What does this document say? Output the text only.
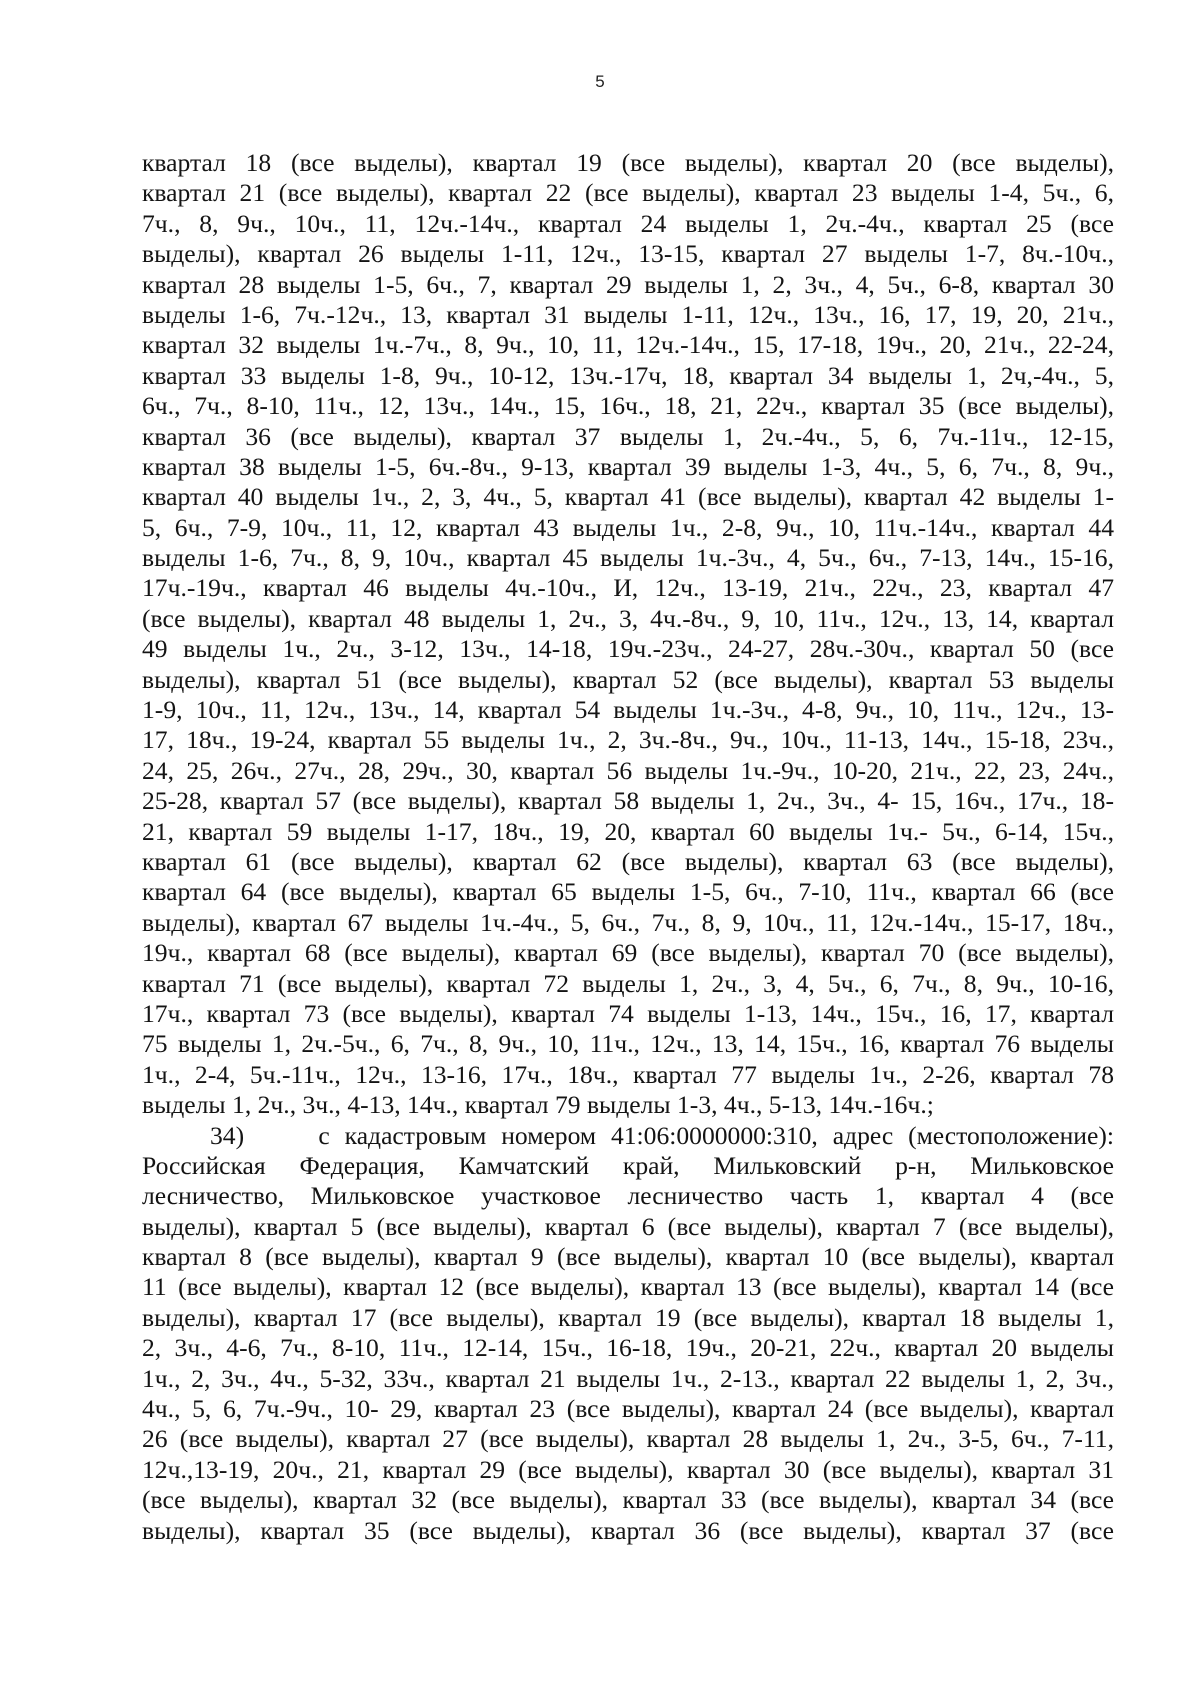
5
квартал 18 (все выделы), квартал 19 (все выделы), квартал 20 (все выделы),
квартал 21 (все выделы), квартал 22 (все выделы), квартал 23 выделы 1-4, 5ч., 6,
7ч., 8, 9ч., 10ч., 11, 12ч.-14ч., квартал 24 выделы 1, 2ч.-4ч., квартал 25 (все
выделы), квартал 26 выделы 1-11, 12ч., 13-15, квартал 27 выделы 1-7, 8ч.-10ч.,
квартал 28 выделы 1-5, 6ч., 7, квартал 29 выделы 1, 2, 3ч., 4, 5ч., 6-8, квартал 30
выделы 1-6, 7ч.-12ч., 13, квартал 31 выделы 1-11, 12ч., 13ч., 16, 17, 19, 20, 21ч.,
квартал 32 выделы 1ч.-7ч., 8, 9ч., 10, 11, 12ч.-14ч., 15, 17-18, 19ч., 20, 21ч., 22-24,
квартал 33 выделы 1-8, 9ч., 10-12, 13ч.-17ч, 18, квартал 34 выделы 1, 2ч,-4ч., 5,
6ч., 7ч., 8-10, 11ч., 12, 13ч., 14ч., 15, 16ч., 18, 21, 22ч., квартал 35 (все выделы),
квартал 36 (все выделы), квартал 37 выделы 1, 2ч.-4ч., 5, 6, 7ч.-11ч., 12-15,
квартал 38 выделы 1-5, 6ч.-8ч., 9-13, квартал 39 выделы 1-3, 4ч., 5, 6, 7ч., 8, 9ч.,
квартал 40 выделы 1ч., 2, 3, 4ч., 5, квартал 41 (все выделы), квартал 42 выделы 1-
5, 6ч., 7-9, 10ч., 11, 12, квартал 43 выделы 1ч., 2-8, 9ч., 10, 11ч.-14ч., квартал 44
выделы 1-6, 7ч., 8, 9, 10ч., квартал 45 выделы 1ч.-3ч., 4, 5ч., 6ч., 7-13, 14ч., 15-16,
17ч.-19ч., квартал 46 выделы 4ч.-10ч., И, 12ч., 13-19, 21ч., 22ч., 23, квартал 47
(все выделы), квартал 48 выделы 1, 2ч., 3, 4ч.-8ч., 9, 10, 11ч., 12ч., 13, 14, квартал
49 выделы 1ч., 2ч., 3-12, 13ч., 14-18, 19ч.-23ч., 24-27, 28ч.-30ч., квартал 50 (все
выделы), квартал 51 (все выделы), квартал 52 (все выделы), квартал 53 выделы
1-9, 10ч., 11, 12ч., 13ч., 14, квартал 54 выделы 1ч.-3ч., 4-8, 9ч., 10, 11ч., 12ч., 13-
17, 18ч., 19-24, квартал 55 выделы 1ч., 2, 3ч.-8ч., 9ч., 10ч., 11-13, 14ч., 15-18, 23ч.,
24, 25, 26ч., 27ч., 28, 29ч., 30, квартал 56 выделы 1ч.-9ч., 10-20, 21ч., 22, 23, 24ч.,
25-28, квартал 57 (все выделы), квартал 58 выделы 1, 2ч., 3ч., 4- 15, 16ч., 17ч., 18-
21, квартал 59 выделы 1-17, 18ч., 19, 20, квартал 60 выделы 1ч.- 5ч., 6-14, 15ч.,
квартал 61 (все выделы), квартал 62 (все выделы), квартал 63 (все выделы),
квартал 64 (все выделы), квартал 65 выделы 1-5, 6ч., 7-10, 11ч., квартал 66 (все
выделы), квартал 67 выделы 1ч.-4ч., 5, 6ч., 7ч., 8, 9, 10ч., 11, 12ч.-14ч., 15-17, 18ч.,
19ч., квартал 68 (все выделы), квартал 69 (все выделы), квартал 70 (все выделы),
квартал 71 (все выделы), квартал 72 выделы 1, 2ч., 3, 4, 5ч., 6, 7ч., 8, 9ч., 10-16,
17ч., квартал 73 (все выделы), квартал 74 выделы 1-13, 14ч., 15ч., 16, 17, квартал
75 выделы 1, 2ч.-5ч., 6, 7ч., 8, 9ч., 10, 11ч., 12ч., 13, 14, 15ч., 16, квартал 76 выделы
1ч., 2-4, 5ч.-11ч., 12ч., 13-16, 17ч., 18ч., квартал 77 выделы 1ч., 2-26, квартал 78
выделы 1, 2ч., 3ч., 4-13, 14ч., квартал 79 выделы 1-3, 4ч., 5-13, 14ч.-16ч.;
34)     с кадастровым номером 41:06:0000000:310, адрес (местоположение):
Российская Федерация, Камчатский край, Мильковский р-н, Мильковское
лесничество, Мильковское участковое лесничество часть 1, квартал 4 (все
выделы), квартал 5 (все выделы), квартал 6 (все выделы), квартал 7 (все выделы),
квартал 8 (все выделы), квартал 9 (все выделы), квартал 10 (все выделы), квартал
11 (все выделы), квартал 12 (все выделы), квартал 13 (все выделы), квартал 14 (все
выделы), квартал 17 (все выделы), квартал 19 (все выделы), квартал 18 выделы 1,
2, 3ч., 4-6, 7ч., 8-10, 11ч., 12-14, 15ч., 16-18, 19ч., 20-21, 22ч., квартал 20 выделы
1ч., 2, 3ч., 4ч., 5-32, 33ч., квартал 21 выделы 1ч., 2-13., квартал 22 выделы 1, 2, 3ч.,
4ч., 5, 6, 7ч.-9ч., 10- 29, квартал 23 (все выделы), квартал 24 (все выделы), квартал
26 (все выделы), квартал 27 (все выделы), квартал 28 выделы 1, 2ч., 3-5, 6ч., 7-11,
12ч.,13-19, 20ч., 21, квартал 29 (все выделы), квартал 30 (все выделы), квартал 31
(все выделы), квартал 32 (все выделы), квартал 33 (все выделы), квартал 34 (все
выделы), квартал 35 (все выделы), квартал 36 (все выделы), квартал 37 (все
